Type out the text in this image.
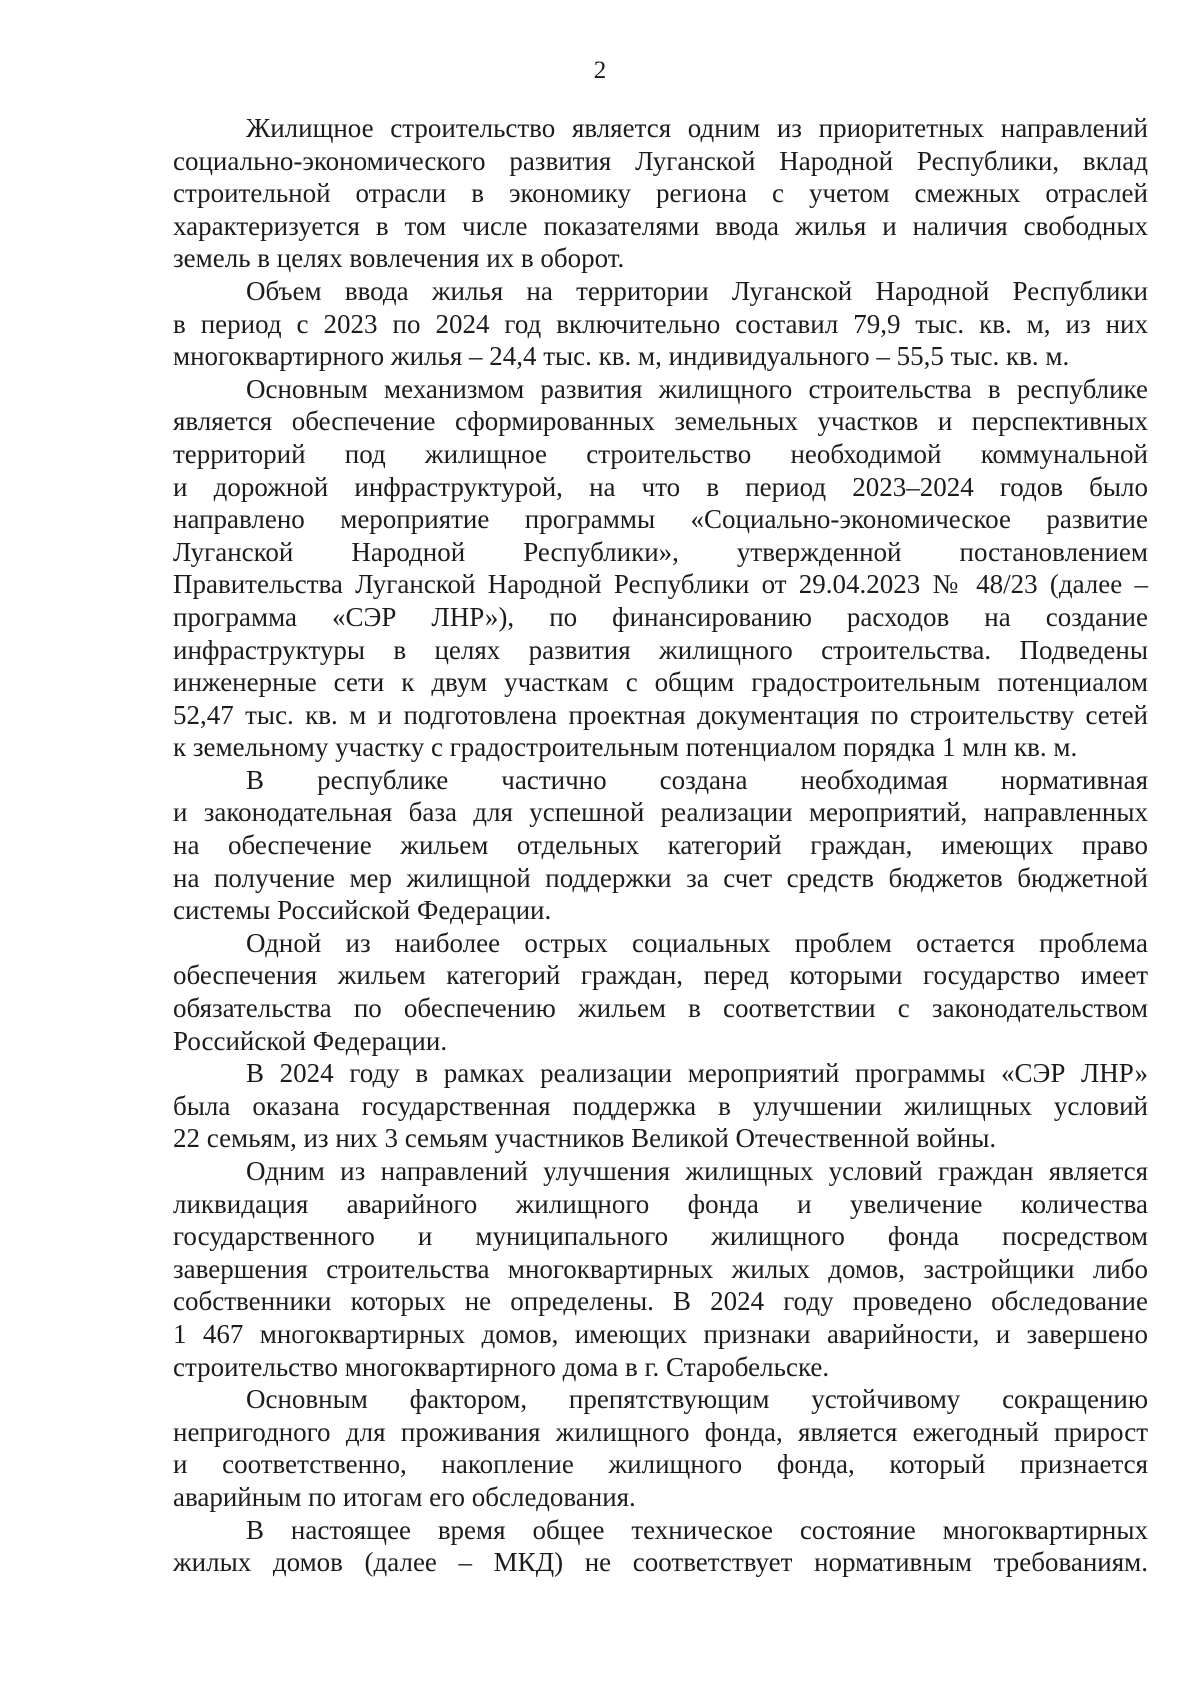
2

Жилищное строительство является одним из приоритетных направлений
социально-экономического развития Луганской Народной Республики, вклад
строительной отрасли в экономику региона с учетом смежных отраслей
характеризуется в том числе показателями ввода жилья и наличия свободных
земель в целях вовлечения их в оборот.

Объем ввода жилья на территории Луганской Народной Республики
в период с 2023 по 2024 год включительно составил 79,9 тыс. кв. м, из них
многоквартирного жилья – 24,4 тыс. кв. м, индивидуального – 55,5 тыс. кв. м.

Основным механизмом развития жилищного строительства в республике
является обеспечение сформированных земельных участков и перспективных
территорий под жилищное строительство необходимой коммунальной
и дорожной инфраструктурой, на что в период 2023–2024 годов было
направлено мероприятие программы «Социально-экономическое развитие
Луганской Народной Республики», утвержденной постановлением
Правительства Луганской Народной Республики от 29.04.2023 № 48/23 (далее –
программа «СЭР ЛНР»), по финансированию расходов на создание
инфраструктуры в целях развития жилищного строительства. Подведены
инженерные сети к двум участкам с общим градостроительным потенциалом
52,47 тыс. кв. м и подготовлена проектная документация по строительству сетей
к земельному участку с градостроительным потенциалом порядка 1 млн кв. м.

В республике частично создана необходимая нормативная
и законодательная база для успешной реализации мероприятий, направленных
на обеспечение жильем отдельных категорий граждан, имеющих право
на получение мер жилищной поддержки за счет средств бюджетов бюджетной
системы Российской Федерации.

Одной из наиболее острых социальных проблем остается проблема
обеспечения жильем категорий граждан, перед которыми государство имеет
обязательства по обеспечению жильем в соответствии с законодательством
Российской Федерации.

В 2024 году в рамках реализации мероприятий программы «СЭР ЛНР»
была оказана государственная поддержка в улучшении жилищных условий
22 семьям, из них 3 семьям участников Великой Отечественной войны.

Одним из направлений улучшения жилищных условий граждан является
ликвидация аварийного жилищного фонда и увеличение количества
государственного и муниципального жилищного фонда посредством
завершения строительства многоквартирных жилых домов, застройщики либо
собственники которых не определены. В 2024 году проведено обследование
1 467 многоквартирных домов, имеющих признаки аварийности, и завершено
строительство многоквартирного дома в г. Старобельске.

Основным фактором, препятствующим устойчивому сокращению
непригодного для проживания жилищного фонда, является ежегодный прирост
и соответственно, накопление жилищного фонда, который признается
аварийным по итогам его обследования.

В настоящее время общее техническое состояние многоквартирных
жилых домов (далее – МКД) не соответствует нормативным требованиям.
